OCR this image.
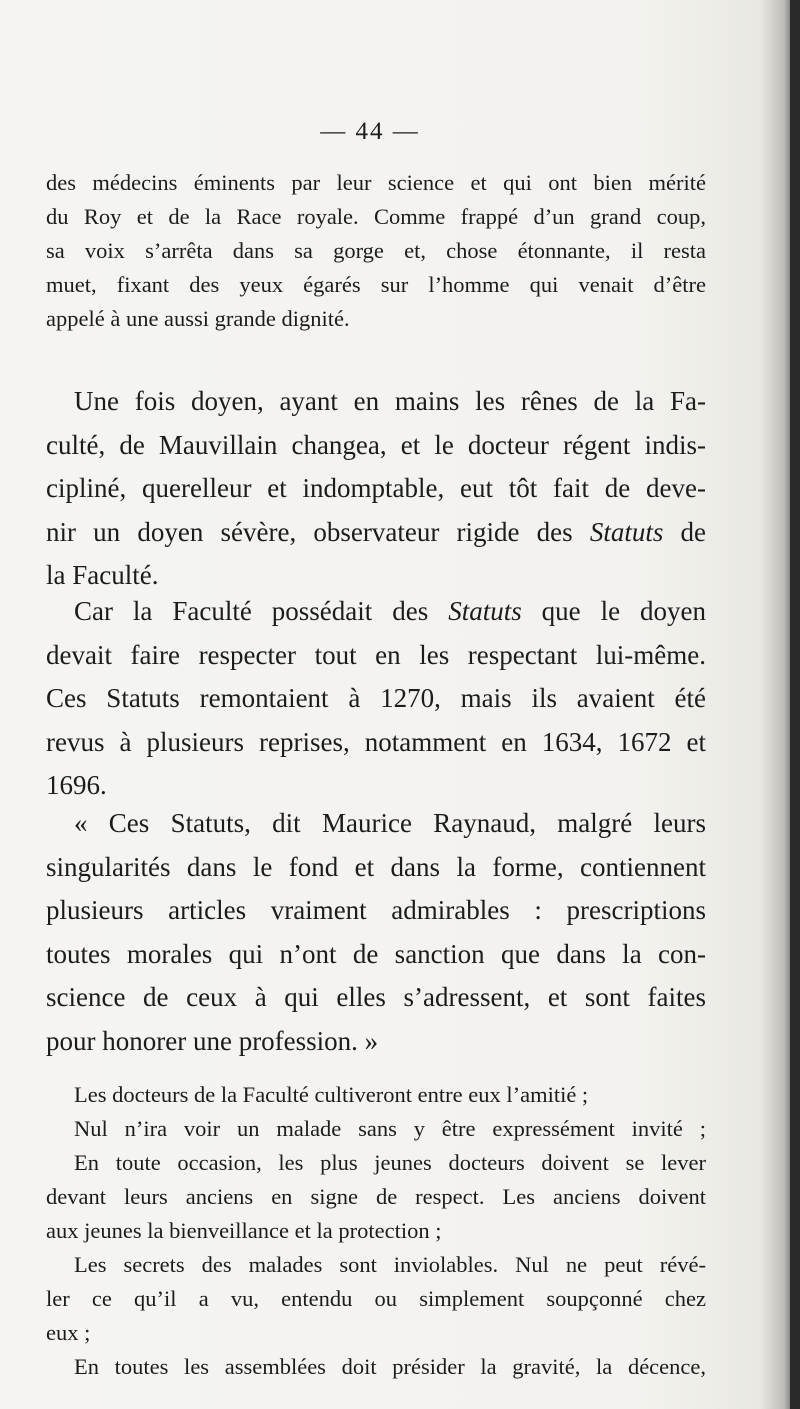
— 44 —
des médecins éminents par leur science et qui ont bien mérité
du Roy et de la Race royale. Comme frappé d’un grand coup,
sa voix s’arrêta dans sa gorge et, chose étonnante, il resta
muet, fixant des yeux égarés sur l’homme qui venait d’être
appelé à une aussi grande dignité.
Une fois doyen, ayant en mains les rênes de la Fa-
culté, de Mauvillain changea, et le docteur régent indis-
cipliné, querelleur et indomptable, eut tôt fait de deve-
nir un doyen sévère, observateur rigide des Statuts de
la Faculté.
Car la Faculté possédait des Statuts que le doyen
devait faire respecter tout en les respectant lui-même.
Ces Statuts remontaient à 1270, mais ils avaient été
revus à plusieurs reprises, notamment en 1634, 1672 et
1696.
« Ces Statuts, dit Maurice Raynaud, malgré leurs
singularités dans le fond et dans la forme, contiennent
plusieurs articles vraiment admirables : prescriptions
toutes morales qui n’ont de sanction que dans la con-
science de ceux à qui elles s’adressent, et sont faites
pour honorer une profession. »
Les docteurs de la Faculté cultiveront entre eux l’amitié ;
Nul n’ira voir un malade sans y être expressément invité ;
En toute occasion, les plus jeunes docteurs doivent se lever
devant leurs anciens en signe de respect. Les anciens doivent
aux jeunes la bienveillance et la protection ;
Les secrets des malades sont inviolables. Nul ne peut révé-
ler ce qu’il a vu, entendu ou simplement soupçonné chez
eux ;
En toutes les assemblées doit présider la gravité, la décence,
